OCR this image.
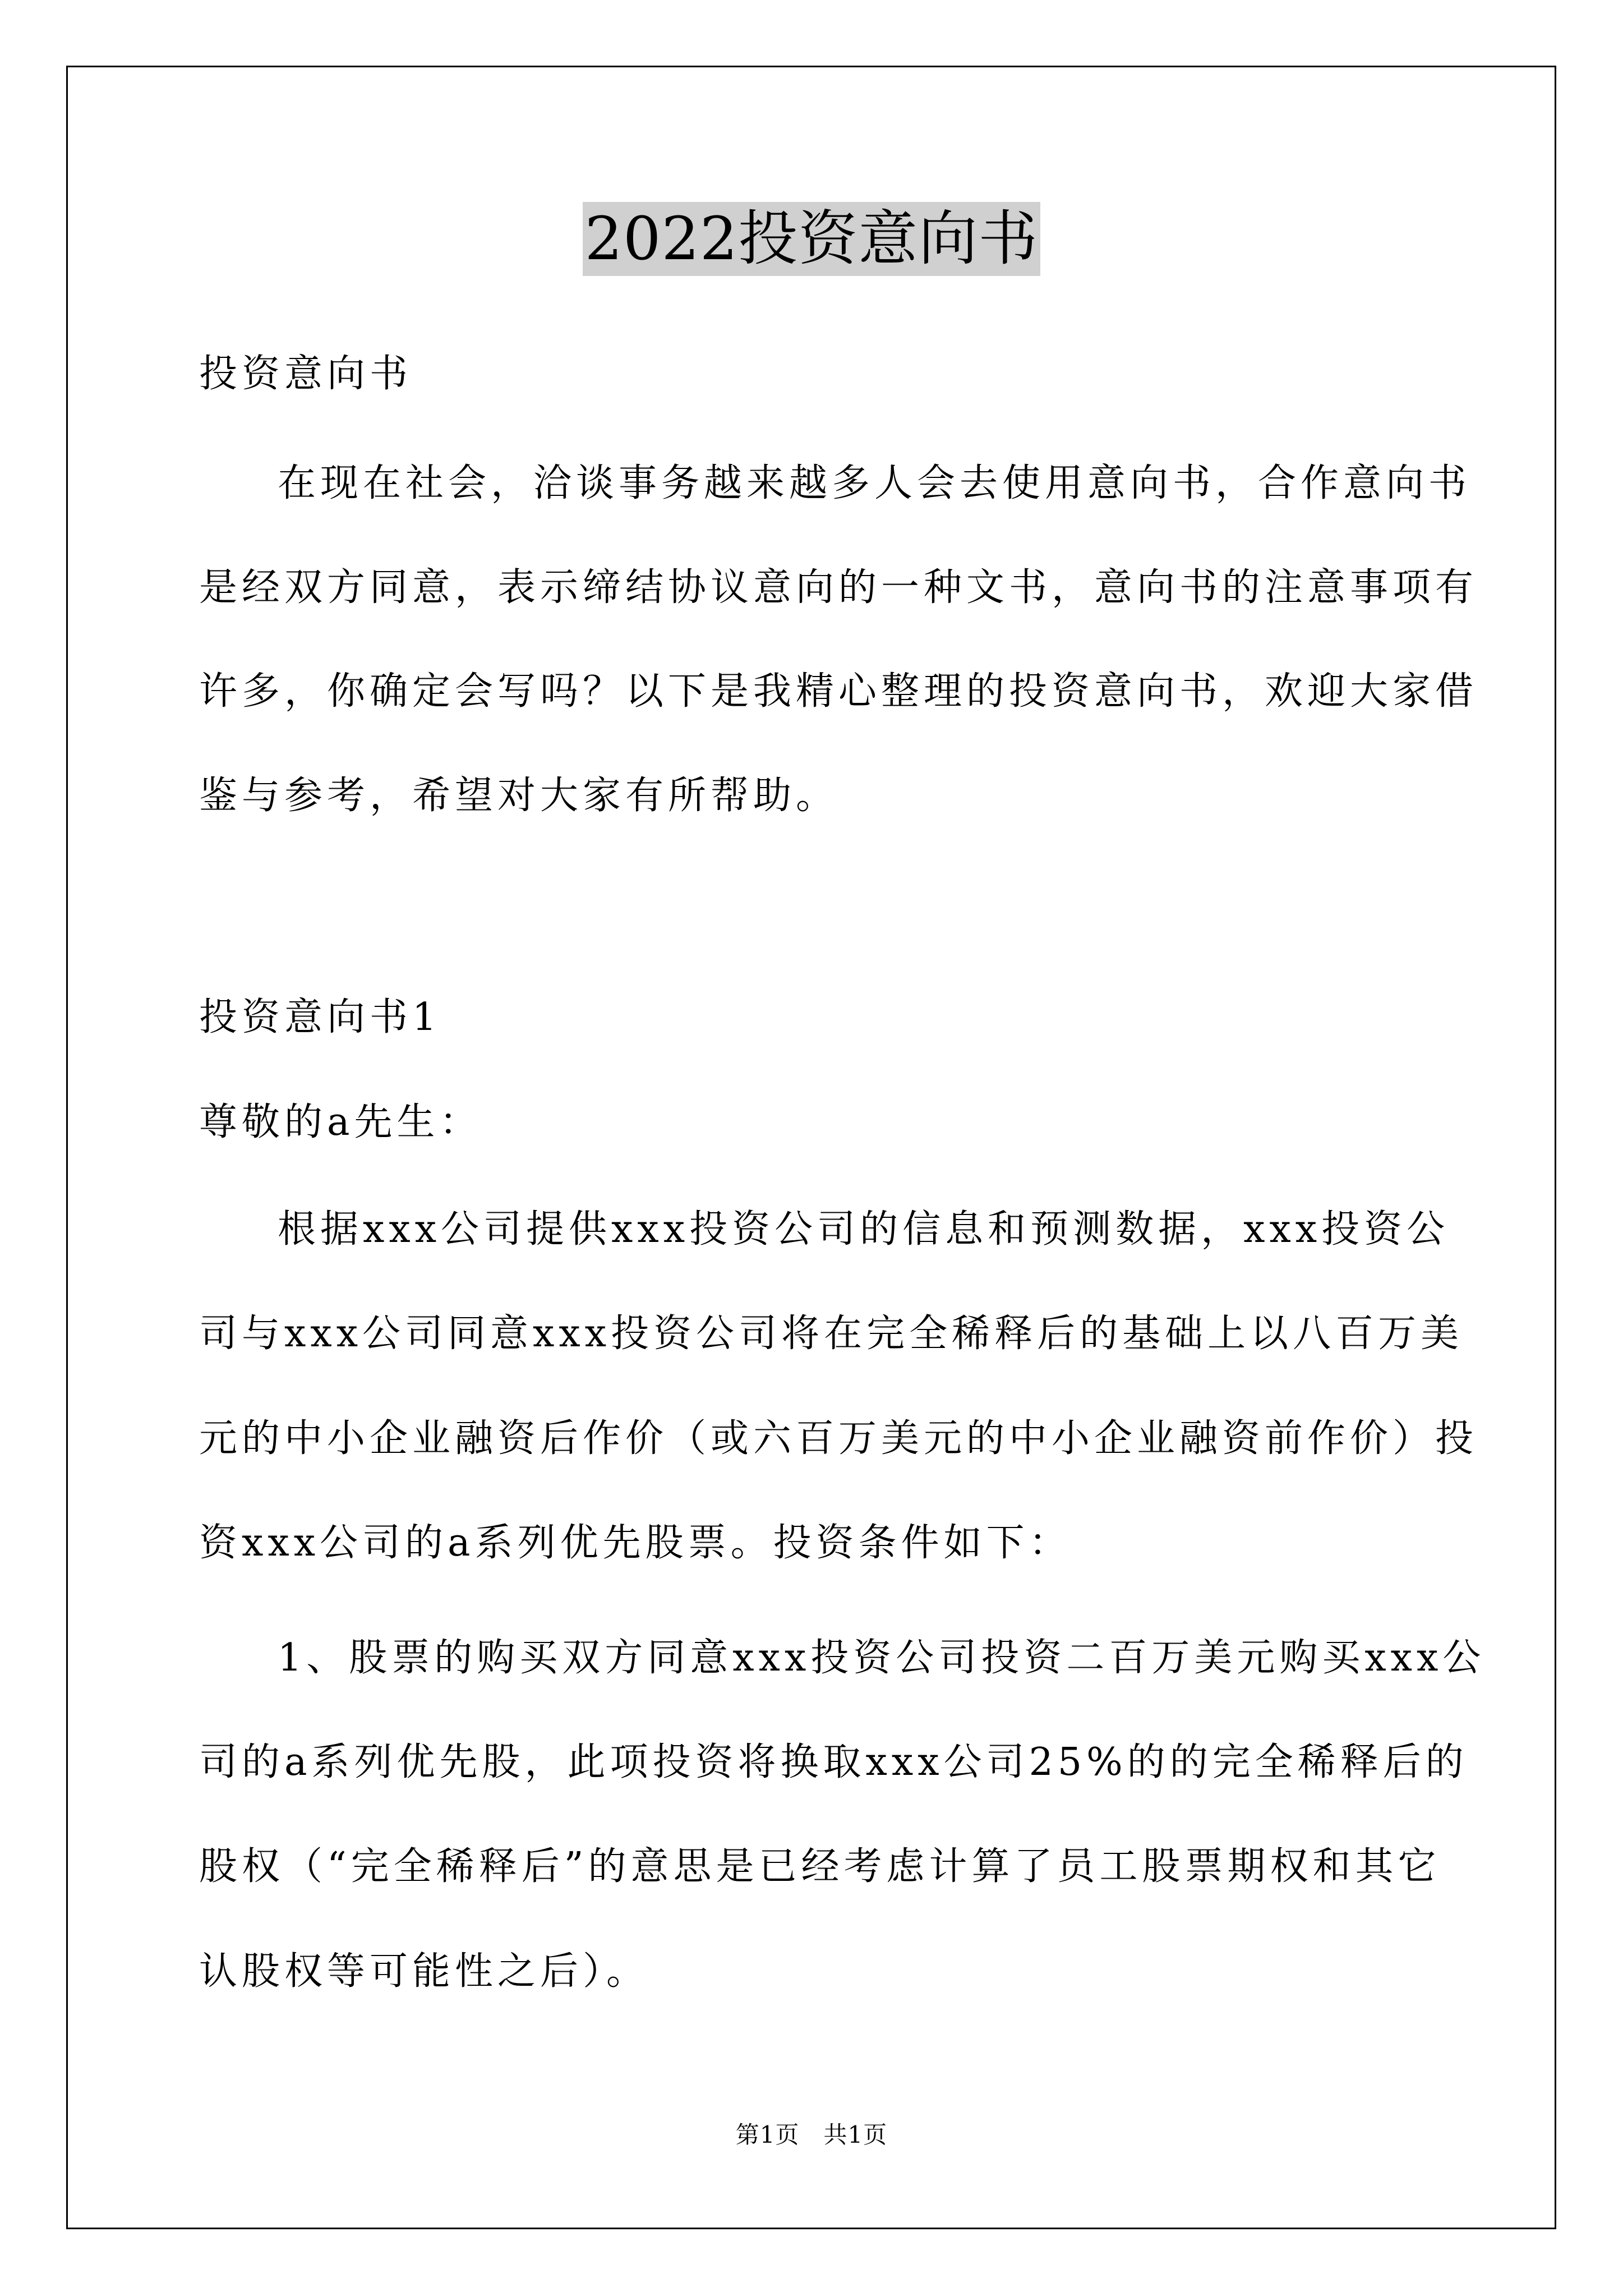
2022投资意向书
投资意向书
在现在社会，洽谈事务越来越多人会去使用意向书，合作意向书
是经双方同意，表示缔结协议意向的一种文书，意向书的注意事项有
许多，你确定会写吗？以下是我精心整理的投资意向书，欢迎大家借
鉴与参考，希望对大家有所帮助。
投资意向书1
尊敬的a先生：
根据xxx公司提供xxx投资公司的信息和预测数据，xxx投资公
司与xxx公司同意xxx投资公司将在完全稀释后的基础上以八百万美
元的中小企业融资后作价（或六百万美元的中小企业融资前作价）投
资xxx公司的a系列优先股票。投资条件如下：
1、股票的购买双方同意xxx投资公司投资二百万美元购买xxx公
司的a系列优先股，此项投资将换取xxx公司25%的的完全稀释后的
股权（“完全稀释后”的意思是已经考虑计算了员工股票期权和其它
认股权等可能性之后）。
第1页　共1页
